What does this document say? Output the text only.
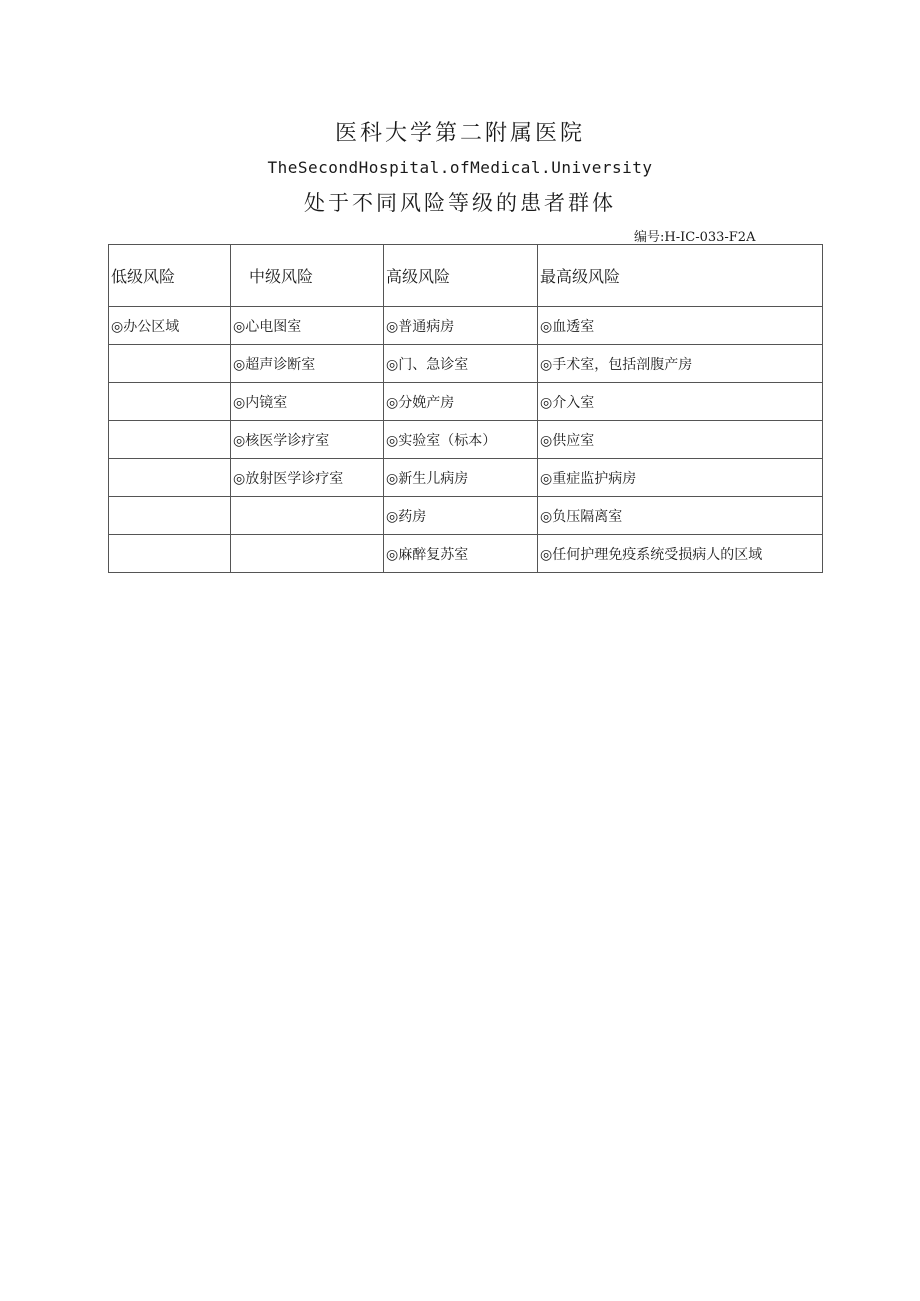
医科大学第二附属医院
TheSecondHospital.ofMedical.University
处于不同风险等级的患者群体
编号:H-IC-033-F2A
低级风险	中级风险	高级风险	最高级风险
◎办公区域	◎心电图室	◎普通病房	◎血透室
	◎超声诊断室	◎门、急诊室	◎手术室，包括剖腹产房
	◎内镜室	◎分娩产房	◎介入室
	◎核医学诊疗室	◎实验室（标本）	◎供应室
	◎放射医学诊疗室	◎新生儿病房	◎重症监护病房
		◎药房	◎负压隔离室
		◎麻醉复苏室	◎任何护理免疫系统受损病人的区域
